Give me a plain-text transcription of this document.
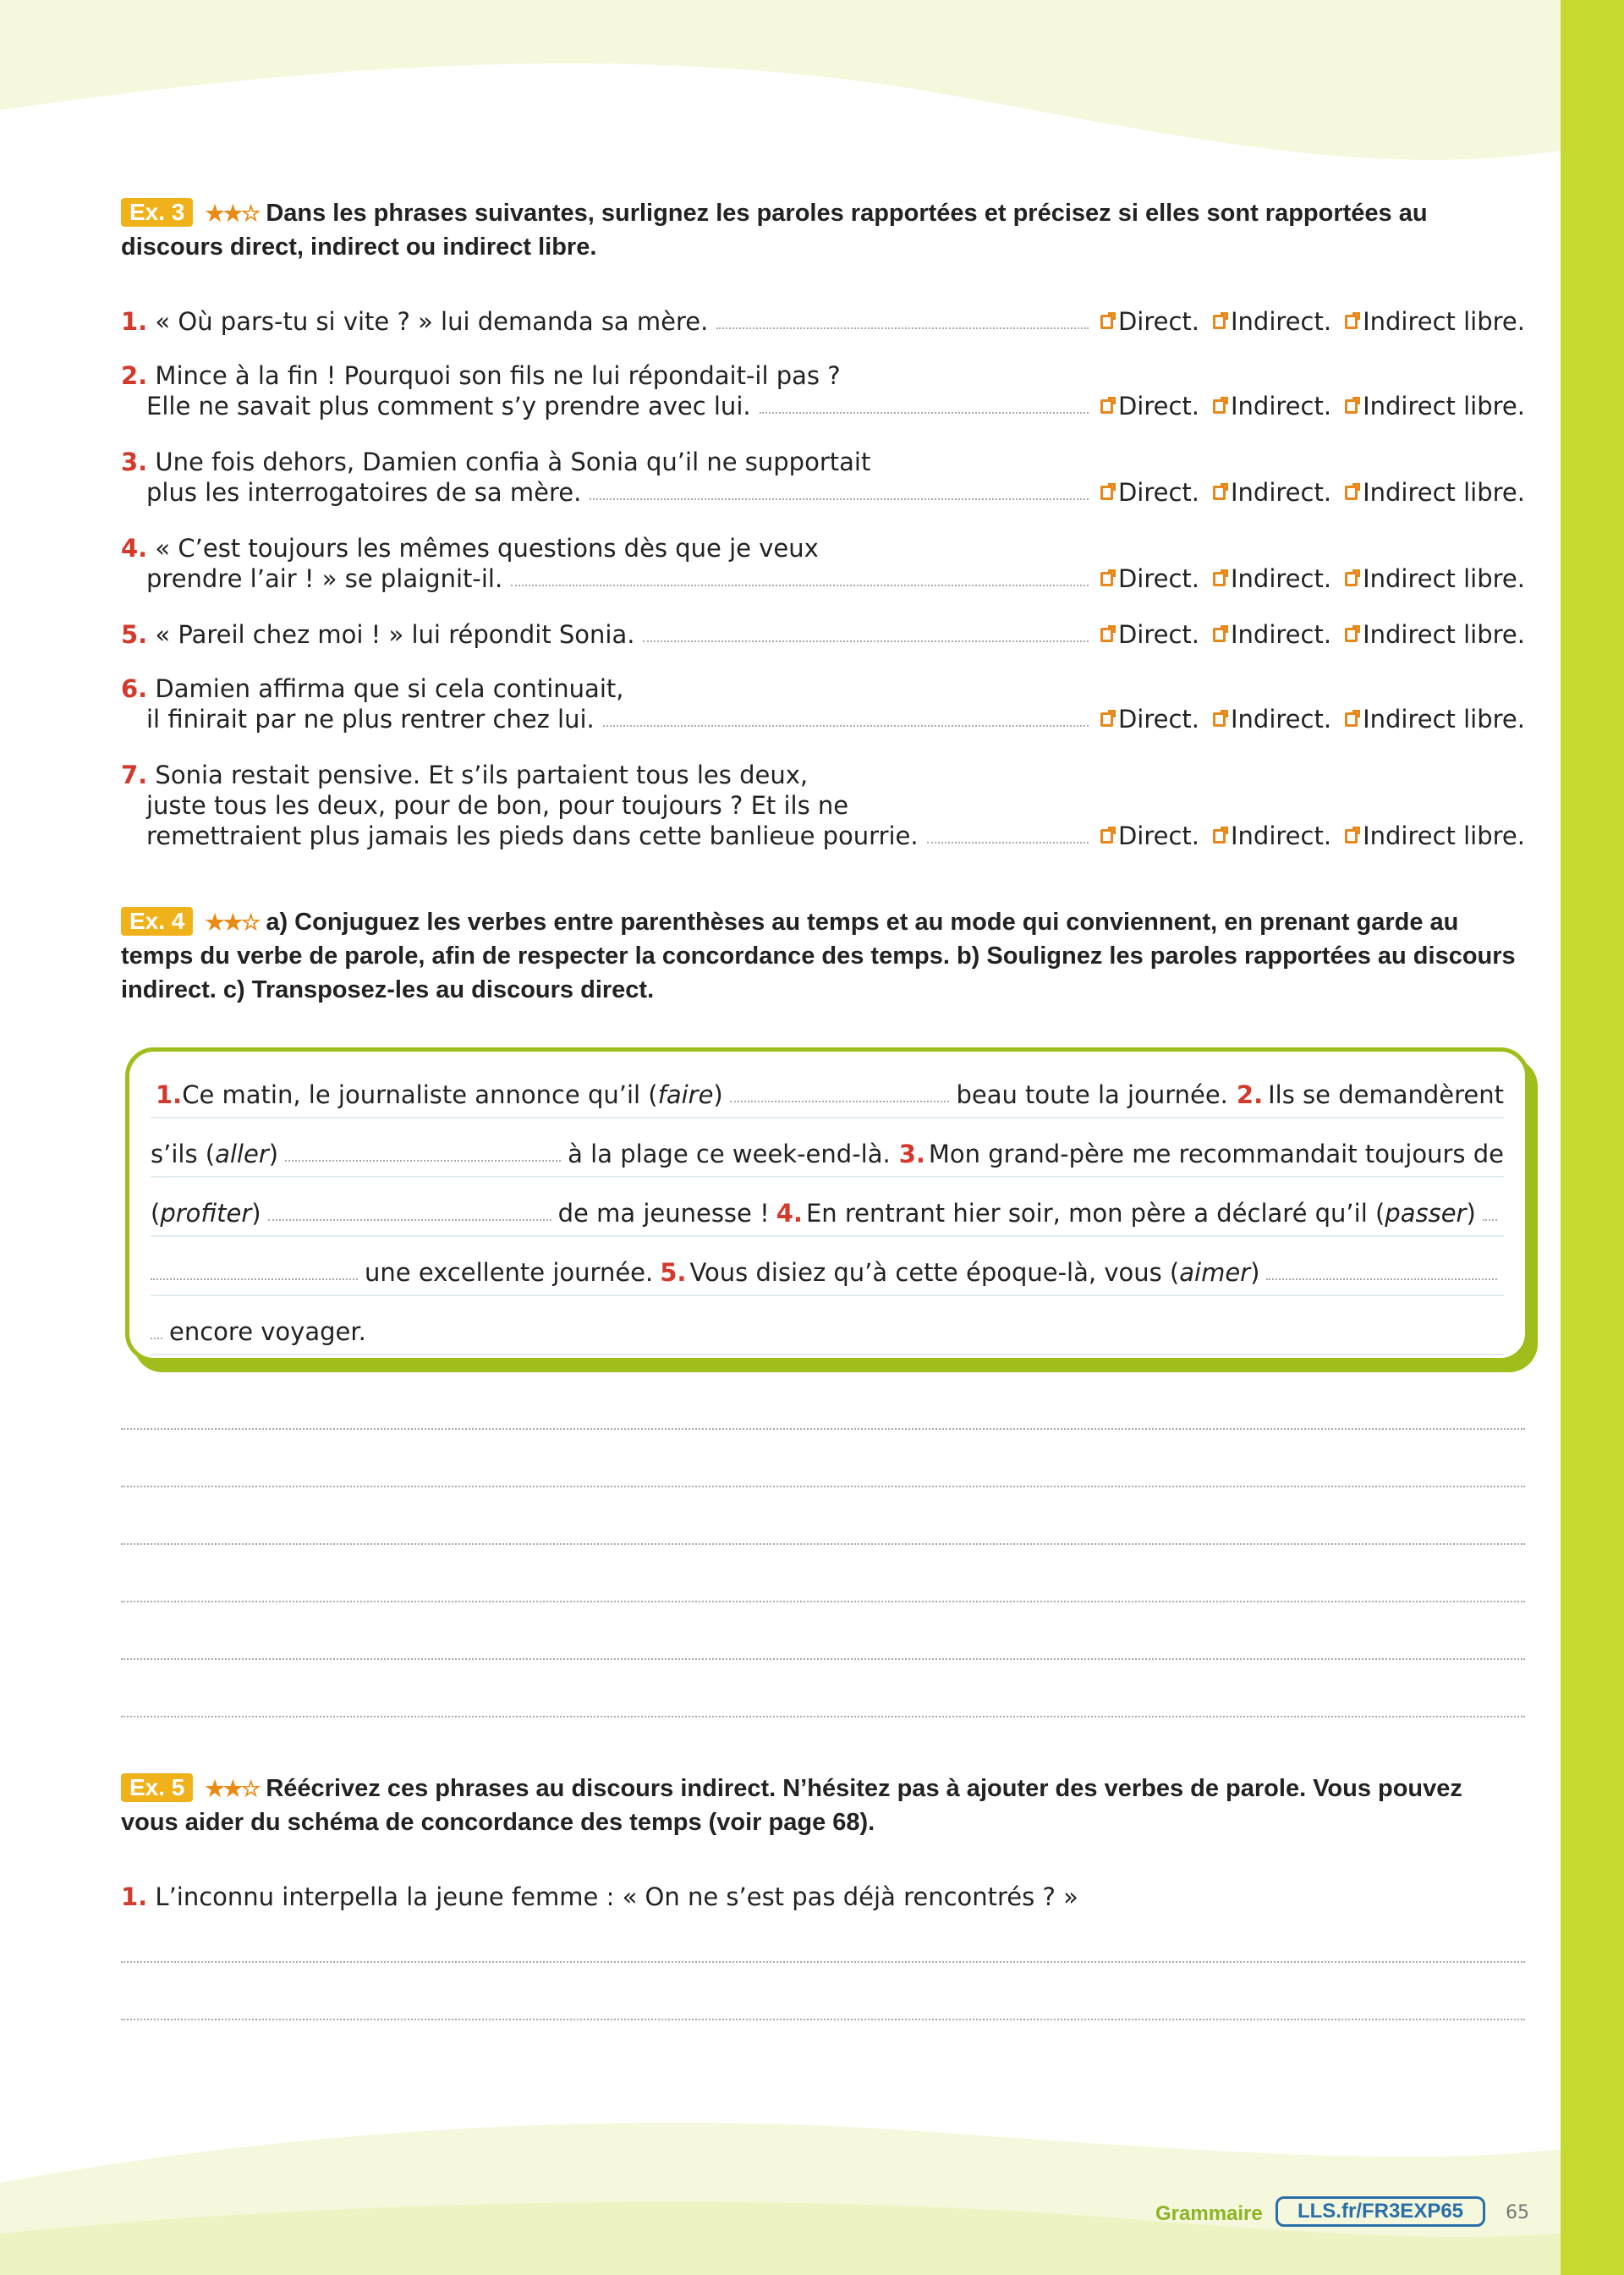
Ex. 3 ★★☆ Dans les phrases suivantes, surlignez les paroles rapportées et précisez si elles sont rapportées au discours direct, indirect ou indirect libre.
1. « Où pars-tu si vite ? » lui demanda sa mère.	Direct. Indirect. Indirect libre.
2. Mince à la fin ! Pourquoi son fils ne lui répondait-il pas ?
Elle ne savait plus comment s’y prendre avec lui.	Direct. Indirect. Indirect libre.
3. Une fois dehors, Damien confia à Sonia qu’il ne supportait
plus les interrogatoires de sa mère.	Direct. Indirect. Indirect libre.
4. « C’est toujours les mêmes questions dès que je veux
prendre l’air ! » se plaignit-il.	Direct. Indirect. Indirect libre.
5. « Pareil chez moi ! » lui répondit Sonia.	Direct. Indirect. Indirect libre.
6. Damien affirma que si cela continuait,
il finirait par ne plus rentrer chez lui.	Direct. Indirect. Indirect libre.
7. Sonia restait pensive. Et s’ils partaient tous les deux,
juste tous les deux, pour de bon, pour toujours ? Et ils ne
remettraient plus jamais les pieds dans cette banlieue pourrie.	Direct. Indirect. Indirect libre.
Ex. 4 ★★☆ a) Conjuguez les verbes entre parenthèses au temps et au mode qui conviennent, en prenant garde au temps du verbe de parole, afin de respecter la concordance des temps. b) Soulignez les paroles rapportées au discours indirect. c) Transposez-les au discours direct.
1. Ce matin, le journaliste annonce qu’il ( faire )	beau toute la journée. 2. Ils se demandèrent
s’ils ( aller )	à la plage ce week-end-là. 3. Mon grand-père me recommandait toujours de
( profiter )	de ma jeunesse ! 4. En rentrant hier soir, mon père a déclaré qu’il ( passer )
une excellente journée. 5. Vous disiez qu’à cette époque-là, vous ( aimer )
encore voyager.
Ex. 5 ★★☆ Réécrivez ces phrases au discours indirect. N’hésitez pas à ajouter des verbes de parole. Vous pouvez vous aider du schéma de concordance des temps (voir page 68).
1. L’inconnu interpella la jeune femme : « On ne s’est pas déjà rencontrés ? »
Grammaire	LLS.fr/FR3EXP65	65
